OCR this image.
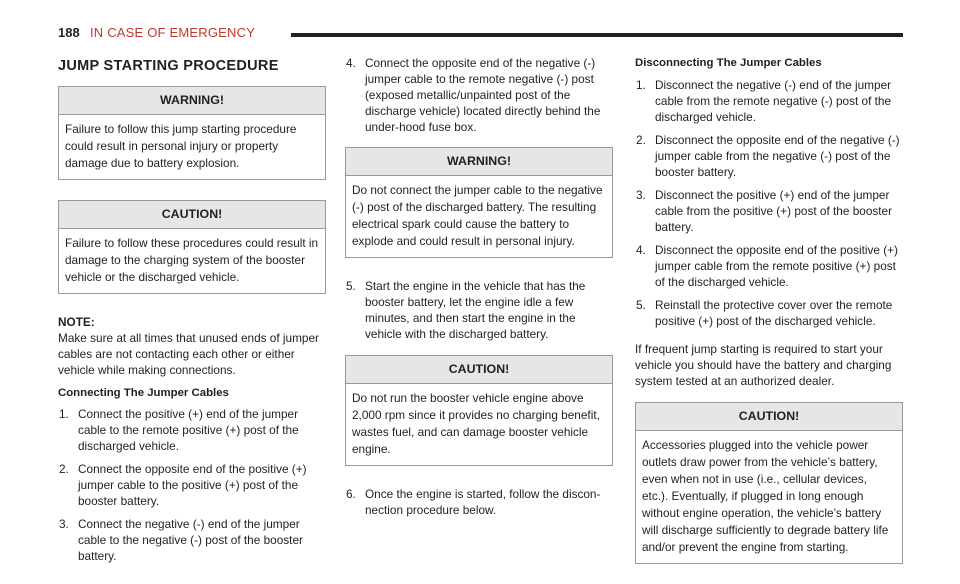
188 IN CASE OF EMERGENCY
JUMP STARTING PROCEDURE
WARNING!
Failure to follow this jump starting procedure could result in personal injury or property damage due to battery explosion.
CAUTION!
Failure to follow these procedures could result in damage to the charging system of the booster vehicle or the discharged vehicle.
NOTE:

Make sure at all times that unused ends of jumper cables are not contacting each other or either vehicle while making connections.

Connecting The Jumper Cables
1. Connect the positive (+) end of the jumper cable to the remote positive (+) post of the discharged vehicle.
2. Connect the opposite end of the positive (+) jumper cable to the positive (+) post of the booster battery.
3. Connect the negative (-) end of the jumper cable to the negative (-) post of the booster battery.
4. Connect the opposite end of the negative (-) jumper cable to the remote negative (-) post (exposed metallic/unpainted post of the discharge vehicle) located directly behind the under-hood fuse box.
WARNING!
Do not connect the jumper cable to the negative (-) post of the discharged battery. The resulting electrical spark could cause the battery to explode and could result in personal injury.
5. Start the engine in the vehicle that has the booster battery, let the engine idle a few minutes, and then start the engine in the vehicle with the discharged battery.
CAUTION!
Do not run the booster vehicle engine above 2,000 rpm since it provides no charging benefit, wastes fuel, and can damage booster vehicle engine.
6. Once the engine is started, follow the discon-nection procedure below.
Disconnecting The Jumper Cables
1. Disconnect the negative (-) end of the jumper cable from the remote negative (-) post of the discharged vehicle.
2. Disconnect the opposite end of the negative (-) jumper cable from the negative (-) post of the booster battery.
3. Disconnect the positive (+) end of the jumper cable from the positive (+) post of the booster battery.
4. Disconnect the opposite end of the positive (+) jumper cable from the remote positive (+) post of the discharged vehicle.
5. Reinstall the protective cover over the remote positive (+) post of the discharged vehicle.

If frequent jump starting is required to start your vehicle you should have the battery and charging system tested at an authorized dealer.

CAUTION!
Accessories plugged into the vehicle power outlets draw power from the vehicle’s battery, even when not in use (i.e., cellular devices, etc.). Eventually, if plugged in long enough without engine operation, the vehicle’s battery will discharge sufficiently to degrade battery life and/or prevent the engine from starting.
